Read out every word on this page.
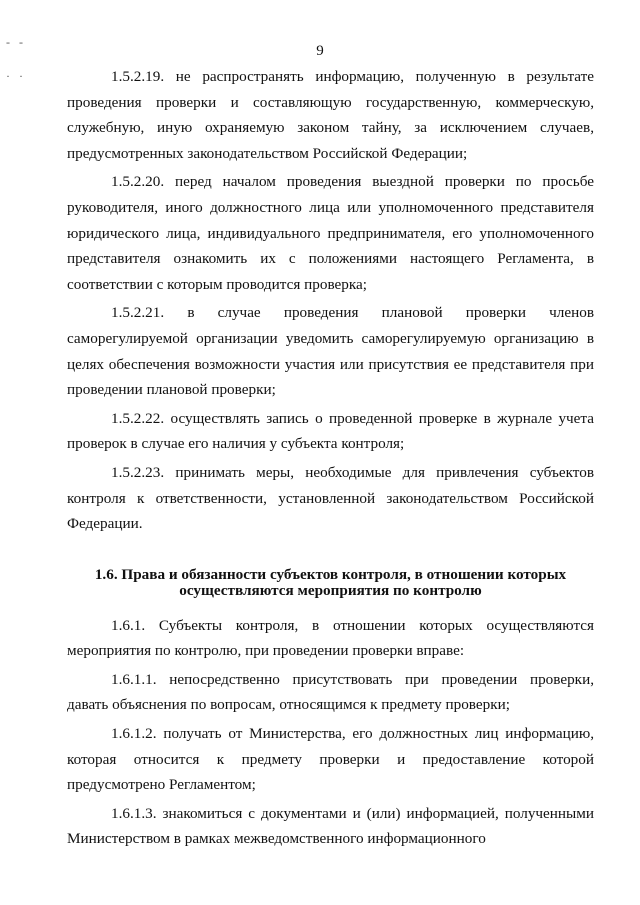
- -
· ·
9

1.5.2.19. не распространять информацию, полученную в результате проведения проверки и составляющую государственную, коммерческую, служебную, иную охраняемую законом тайну, за исключением случаев, предусмотренных законодательством Российской Федерации;

1.5.2.20. перед началом проведения выездной проверки по просьбе руководителя, иного должностного лица или уполномоченного представителя юридического лица, индивидуального предпринимателя, его уполномоченного представителя ознакомить их с положениями настоящего Регламента, в соответствии с которым проводится проверка;

1.5.2.21. в случае проведения плановой проверки членов саморегулируемой организации уведомить саморегулируемую организацию в целях обеспечения возможности участия или присутствия ее представителя при проведении плановой проверки;

1.5.2.22. осуществлять запись о проведенной проверке в журнале учета проверок в случае его наличия у субъекта контроля;

1.5.2.23. принимать меры, необходимые для привлечения субъектов контроля к ответственности, установленной законодательством Российской Федерации.

1.6. Права и обязанности субъектов контроля, в отношении которых
осуществляются мероприятия по контролю

1.6.1. Субъекты контроля, в отношении которых осуществляются мероприятия по контролю, при проведении проверки вправе:

1.6.1.1. непосредственно присутствовать при проведении проверки, давать объяснения по вопросам, относящимся к предмету проверки;

1.6.1.2. получать от Министерства, его должностных лиц информацию, которая относится к предмету проверки и предоставление которой предусмотрено Регламентом;

1.6.1.3. знакомиться с документами и (или) информацией, полученными Министерством в рамках межведомственного информационного
